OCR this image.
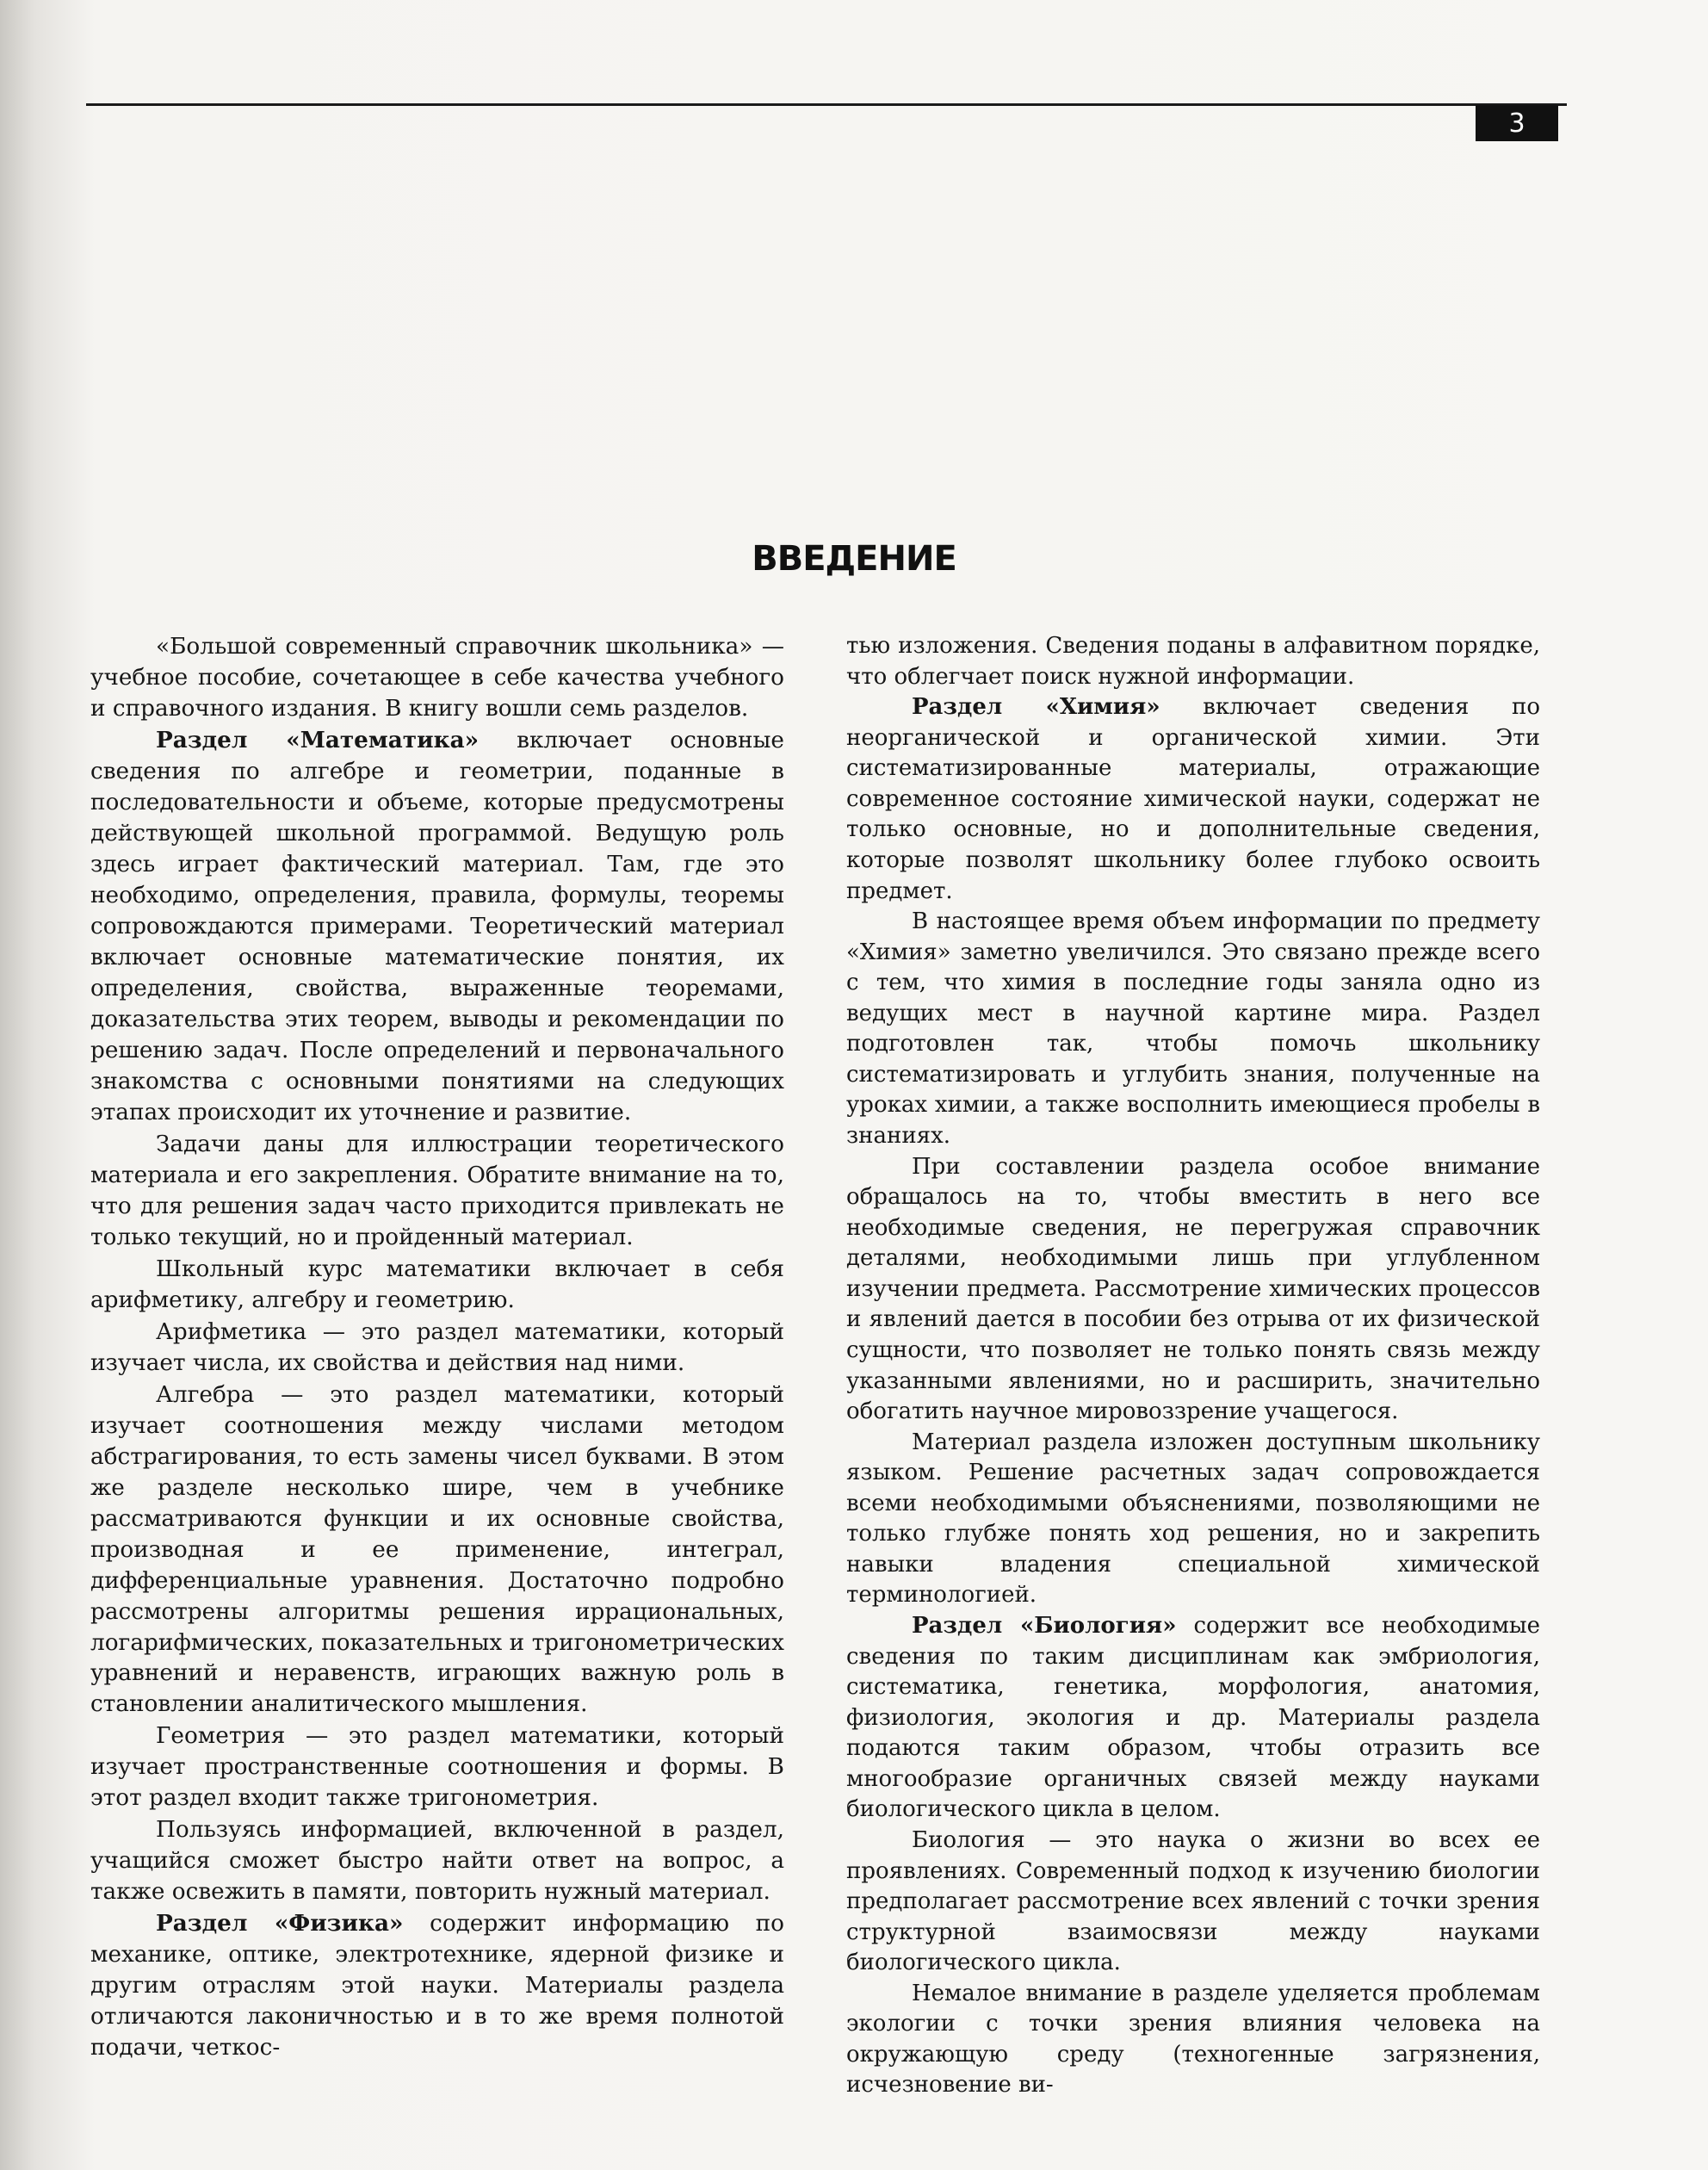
3
ВВЕДЕНИЕ

«Большой современный справочник школьника» — учебное пособие, сочетающее в себе качества учебного и справочного издания. В книгу вошли семь разделов.

Раздел «Математика» включает основные сведения по алгебре и геометрии, поданные в последовательности и объеме, которые предусмотрены действующей школьной программой. Ведущую роль здесь играет фактический материал. Там, где это необходимо, определения, правила, формулы, теоремы сопровождаются примерами. Теоретический материал включает основные математические понятия, их определения, свойства, выраженные теоремами, доказательства этих теорем, выводы и рекомендации по решению задач. После определений и первоначального знакомства с основными понятиями на следующих этапах происходит их уточнение и развитие.

Задачи даны для иллюстрации теоретического материала и его закрепления. Обратите внимание на то, что для решения задач часто приходится привлекать не только текущий, но и пройденный материал.

Школьный курс математики включает в себя арифметику, алгебру и геометрию.

Арифметика — это раздел математики, который изучает числа, их свойства и действия над ними.

Алгебра — это раздел математики, который изучает соотношения между числами методом абстрагирования, то есть замены чисел буквами. В этом же разделе несколько шире, чем в учебнике рассматриваются функции и их основные свойства, производная и ее применение, интеграл, дифференциальные уравнения. Достаточно подробно рассмотрены алгоритмы решения иррациональных, логарифмических, показательных и тригонометрических уравнений и неравенств, играющих важную роль в становлении аналитического мышления.

Геометрия — это раздел математики, который изучает пространственные соотношения и формы. В этот раздел входит также тригонометрия.

Пользуясь информацией, включенной в раздел, учащийся сможет быстро найти ответ на вопрос, а также освежить в памяти, повторить нужный материал.

Раздел «Физика» содержит информацию по механике, оптике, электротехнике, ядерной физике и другим отраслям этой науки. Материалы раздела отличаются лаконичностью и в то же время полнотой подачи, четкос-

тью изложения. Сведения поданы в алфавитном порядке, что облегчает поиск нужной информации.

Раздел «Химия» включает сведения по неорганической и органической химии. Эти систематизированные материалы, отражающие современное состояние химической науки, содержат не только основные, но и дополнительные сведения, которые позволят школьнику более глубоко освоить предмет.

В настоящее время объем информации по предмету «Химия» заметно увеличился. Это связано прежде всего с тем, что химия в последние годы заняла одно из ведущих мест в научной картине мира. Раздел подготовлен так, чтобы помочь школьнику систематизировать и углубить знания, полученные на уроках химии, а также восполнить имеющиеся пробелы в знаниях.

При составлении раздела особое внимание обращалось на то, чтобы вместить в него все необходимые сведения, не перегружая справочник деталями, необходимыми лишь при углубленном изучении предмета. Рассмотрение химических процессов и явлений дается в пособии без отрыва от их физической сущности, что позволяет не только понять связь между указанными явлениями, но и расширить, значительно обогатить научное мировоззрение учащегося.

Материал раздела изложен доступным школьнику языком. Решение расчетных задач сопровождается всеми необходимыми объяснениями, позволяющими не только глубже понять ход решения, но и закрепить навыки владения специальной химической терминологией.

Раздел «Биология» содержит все необходимые сведения по таким дисциплинам как эмбриология, систематика, генетика, морфология, анатомия, физиология, экология и др. Материалы раздела подаются таким образом, чтобы отразить все многообразие органичных связей между науками биологического цикла в целом.

Биология — это наука о жизни во всех ее проявлениях. Современный подход к изучению биологии предполагает рассмотрение всех явлений с точки зрения структурной взаимосвязи между науками биологического цикла.

Немалое внимание в разделе уделяется проблемам экологии с точки зрения влияния человека на окружающую среду (техногенные загрязнения, исчезновение ви-
